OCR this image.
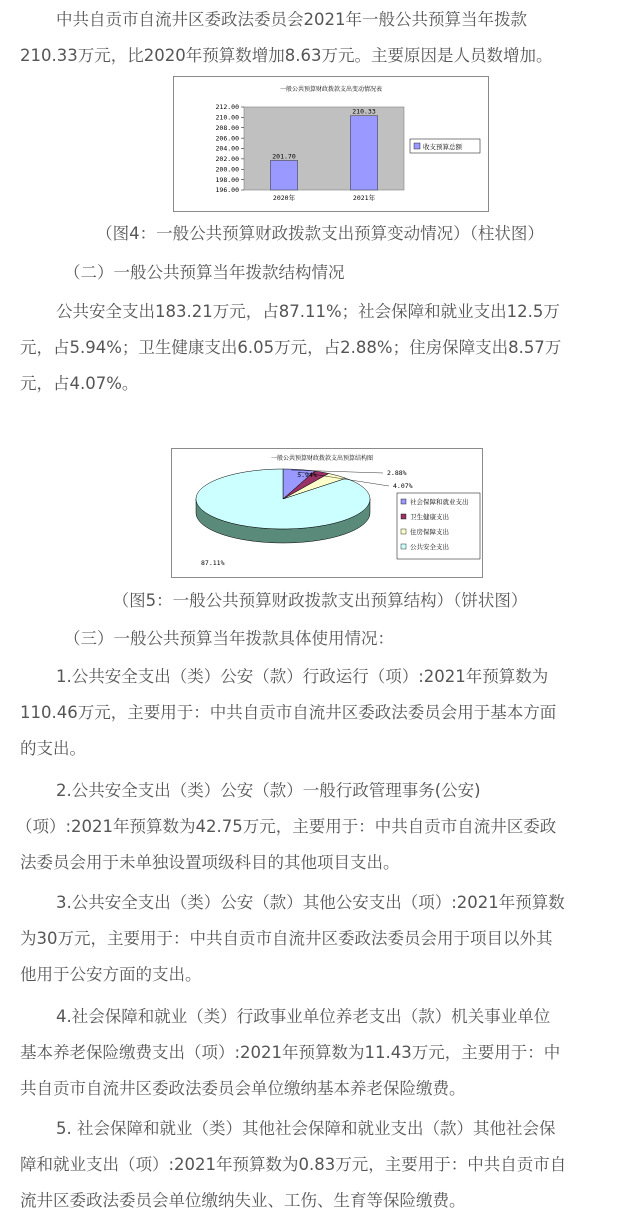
中共自贡市自流井区委政法委员会2021年一般公共预算当年拨款
210.33万元，比2020年预算数增加8.63万元。主要原因是人员数增加。

一般公共预算财政拨款支出变动情况表
212.00
210.00
208.00
206.00
204.00
202.00
200.00
198.00
196.00
201.70
2020年
210.33
2021年
收支预算总额

（图4：一般公共预算财政拨款支出预算变动情况）（柱状图）

（二）一般公共预算当年拨款结构情况

公共安全支出183.21万元，占87.11%；社会保障和就业支出12.5万
元，占5.94%；卫生健康支出6.05万元，占2.88%；住房保障支出8.57万
元，占4.07%。

一般公共预算财政拨款支出预算结构图
5.94%	2.88%
4.07%
87.11%
社会保障和就业支出
卫生健康支出
住房保障支出
公共安全支出

（图5：一般公共预算财政拨款支出预算结构）（饼状图）

（三）一般公共预算当年拨款具体使用情况：

1.公共安全支出（类）公安（款）行政运行（项）:2021年预算数为
110.46万元，主要用于：中共自贡市自流井区委政法委员会用于基本方面
的支出。

2.公共安全支出（类）公安（款）一般行政管理事务(公安)
（项）:2021年预算数为42.75万元，主要用于：中共自贡市自流井区委政
法委员会用于未单独设置项级科目的其他项目支出。

3.公共安全支出（类）公安（款）其他公安支出（项）:2021年预算数
为30万元，主要用于：中共自贡市自流井区委政法委员会用于项目以外其
他用于公安方面的支出。

4.社会保障和就业（类）行政事业单位养老支出（款）机关事业单位
基本养老保险缴费支出（项）:2021年预算数为11.43万元，主要用于：中
共自贡市自流井区委政法委员会单位缴纳基本养老保险缴费。

5. 社会保障和就业（类）其他社会保障和就业支出（款）其他社会保
障和就业支出（项）:2021年预算数为0.83万元，主要用于：中共自贡市自
流井区委政法委员会单位缴纳失业、工伤、生育等保险缴费。
